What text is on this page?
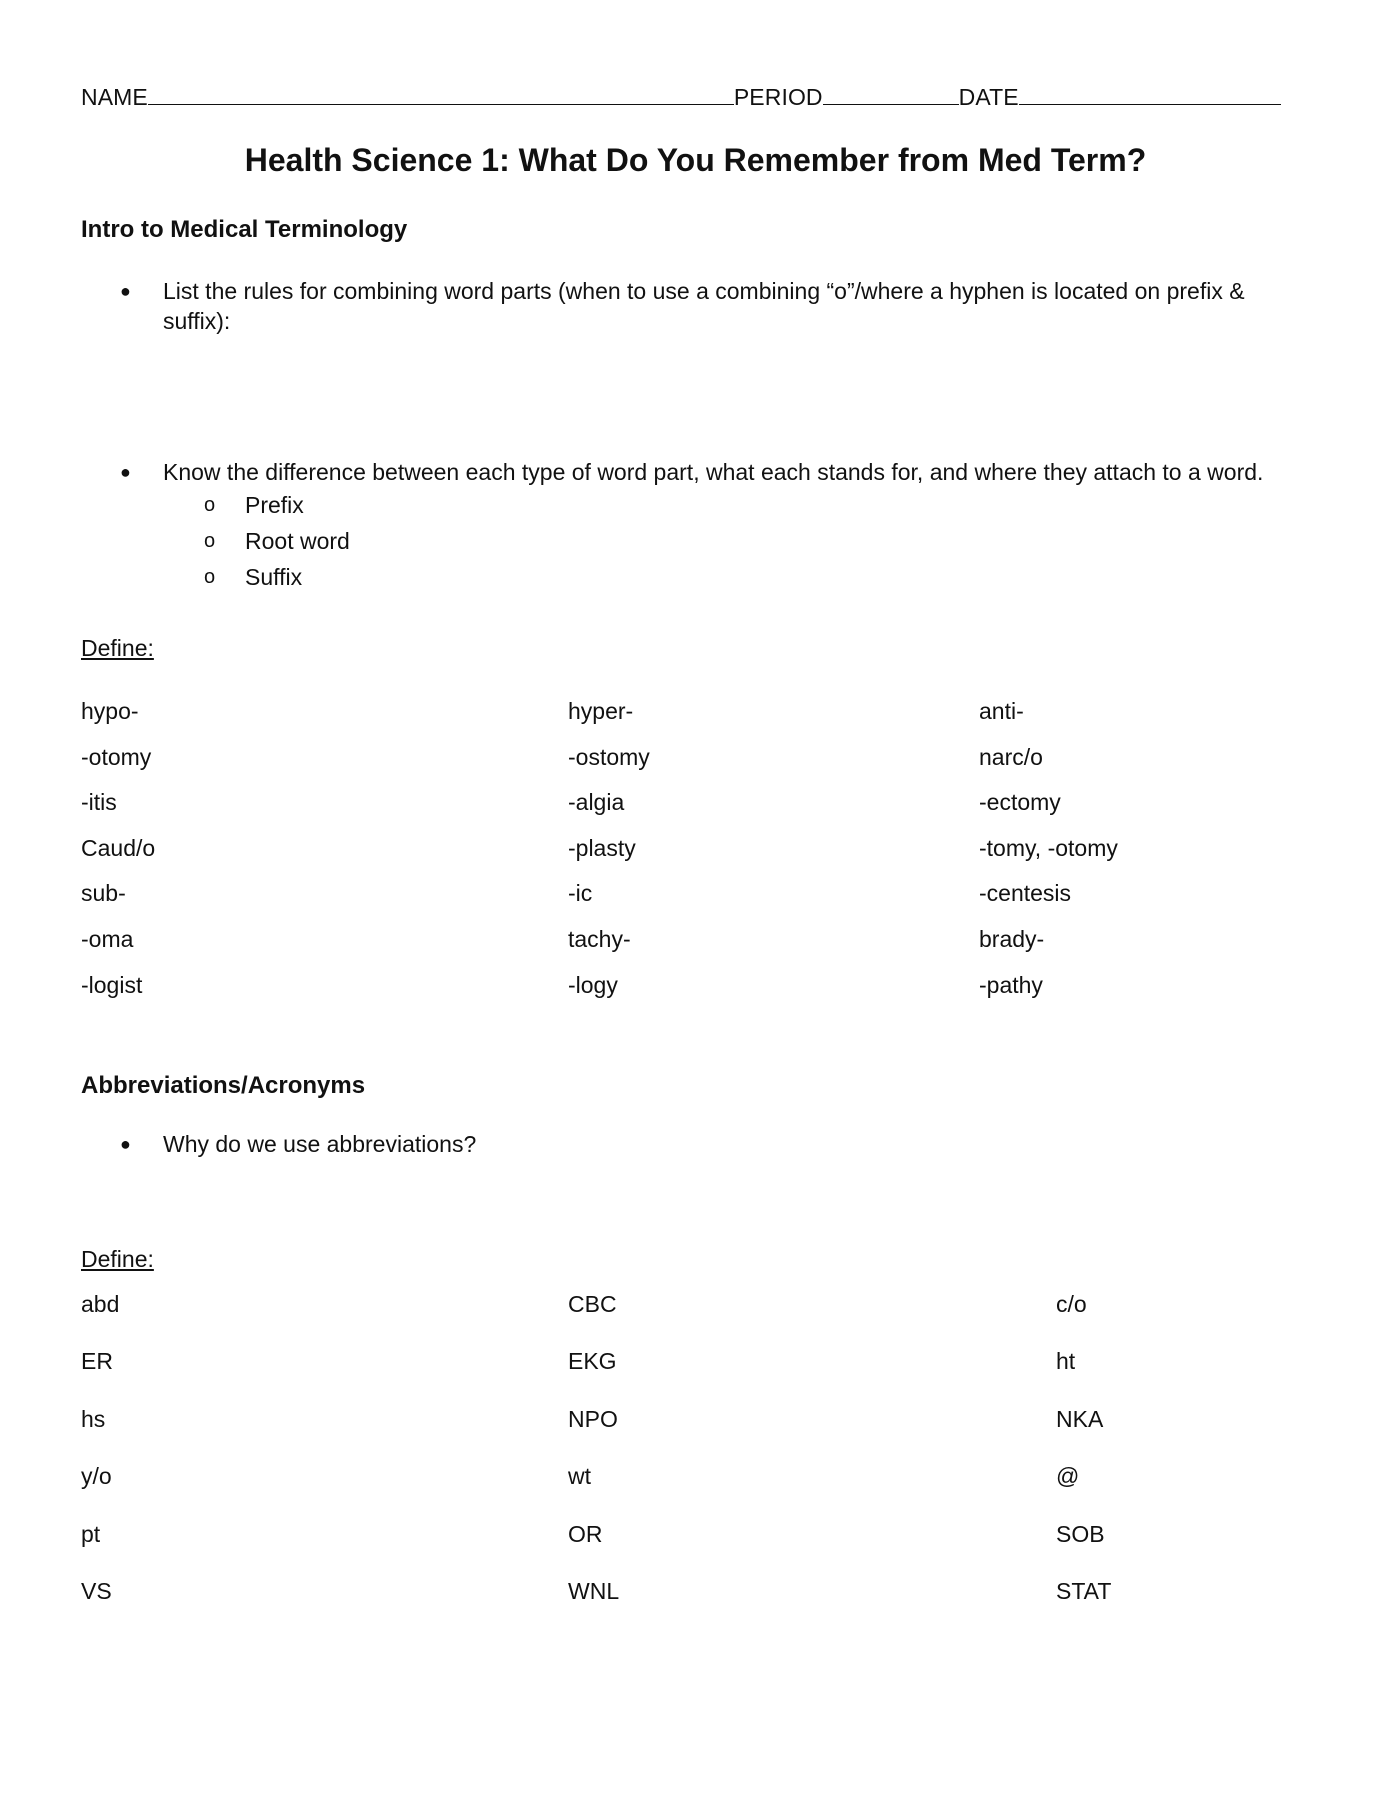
NAME	PERIOD	DATE
Health Science 1: What Do You Remember from Med Term?
Intro to Medical Terminology
● List the rules for combining word parts (when to use a combining “o”/where a hyphen is located on prefix & suffix):
● Know the difference between each type of word part, what each stands for, and where they attach to a word.
o Prefix
o Root word
o Suffix
Define:
hypo-	hyper-	anti-
-otomy	-ostomy	narc/o
-itis	-algia	-ectomy
Caud/o	-plasty	-tomy, -otomy
sub-	-ic	-centesis
-oma	tachy-	brady-
-logist	-logy	-pathy
Abbreviations/Acronyms
● Why do we use abbreviations?
Define:
abd	CBC	c/o
ER	EKG	ht
hs	NPO	NKA
y/o	wt	@
pt	OR	SOB
VS	WNL	STAT
